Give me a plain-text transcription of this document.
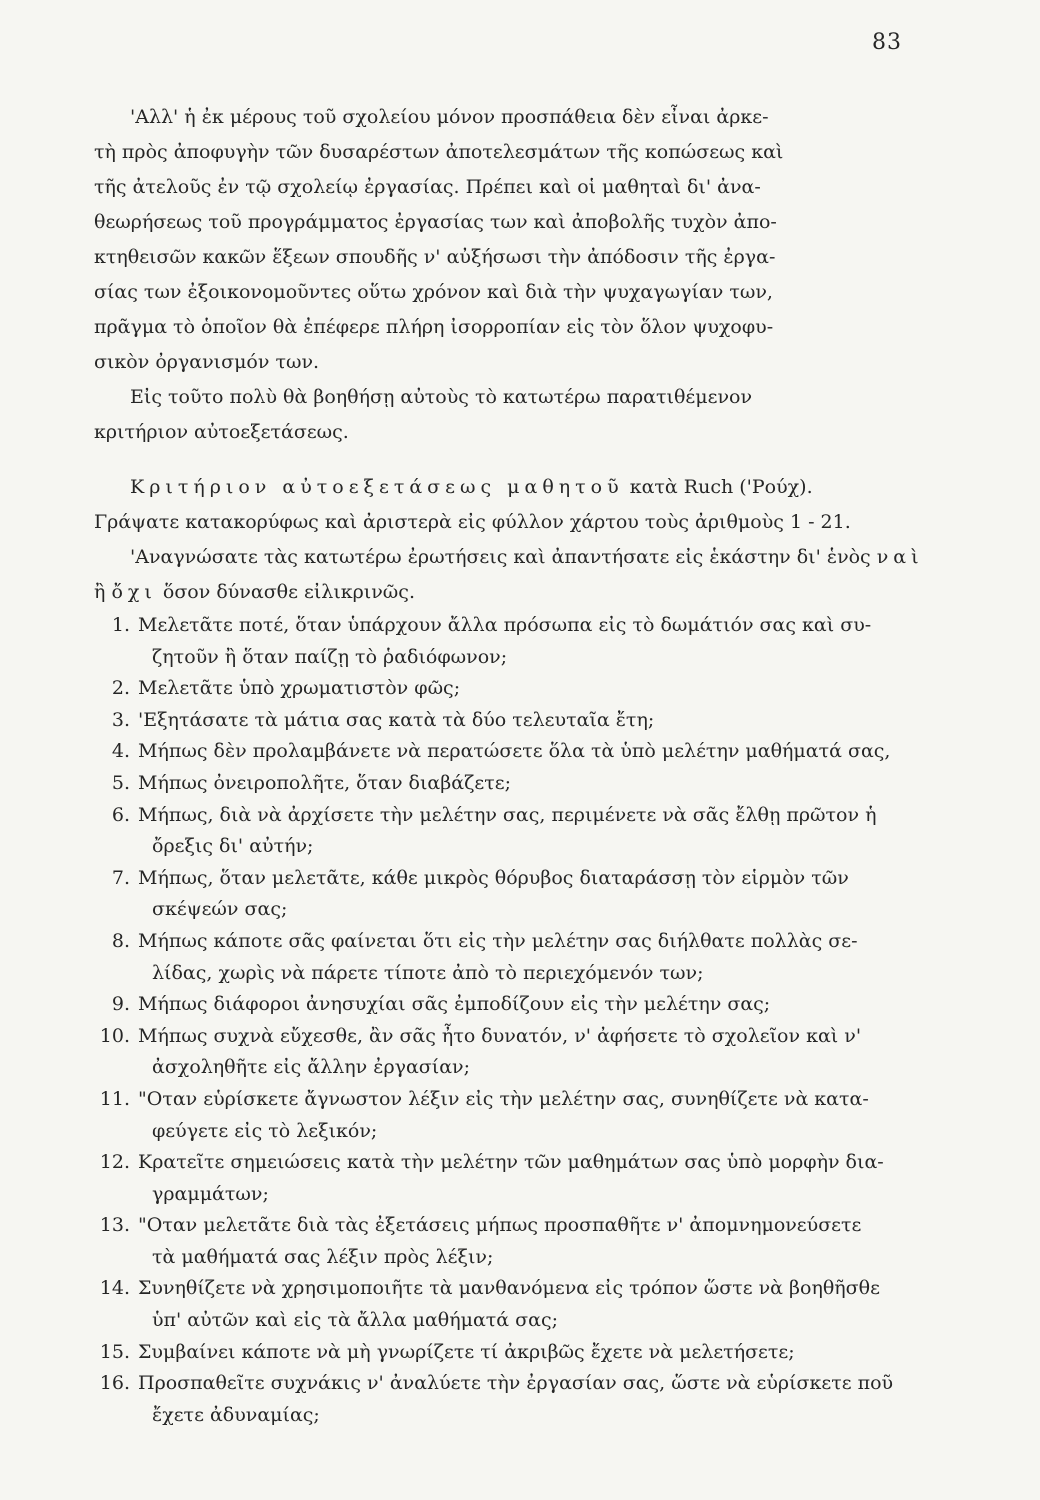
83
'Αλλ' ἡ ἐκ μέρους τοῦ σχολείου μόνον προσπάθεια δὲν εἶναι ἀρκε-
τὴ πρὸς ἀποφυγὴν τῶν δυσαρέστων ἀποτελεσμάτων τῆς κοπώσεως καὶ
τῆς ἀτελοῦς ἐν τῷ σχολείῳ ἐργασίας. Πρέπει καὶ οἱ μαθηταὶ δι' ἀνα-
θεωρήσεως τοῦ προγράμματος ἐργασίας των καὶ ἀποβολῆς τυχὸν ἀπο-
κτηθεισῶν κακῶν ἕξεων σπουδῆς ν' αὐξήσωσι τὴν ἀπόδοσιν τῆς ἐργα-
σίας των ἐξοικονομοῦντες οὕτω χρόνον καὶ διὰ τὴν ψυχαγωγίαν των,
πρᾶγμα τὸ ὁποῖον θὰ ἐπέφερε πλήρη ἰσορροπίαν εἰς τὸν ὅλον ψυχοφυ-
σικὸν ὀργανισμόν των.
Εἰς τοῦτο πολὺ θὰ βοηθήσῃ αὐτοὺς τὸ κατωτέρω παρατιθέμενον
κριτήριον αὐτοεξετάσεως.
Κριτήριον αὐτοεξετάσεως μαθητοῦ κατὰ Ruch ('Ρούχ).
Γράψατε κατακορύφως καὶ ἀριστερὰ εἰς φύλλον χάρτου τοὺς ἀριθμοὺς 1 - 21.
'Αναγνώσατε τὰς κατωτέρω ἐρωτήσεις καὶ ἀπαντήσατε εἰς ἑκάστην δι' ἑνὸς ναὶ
ἢ ὄχι ὅσον δύνασθε εἰλικρινῶς.
1. Μελετᾶτε ποτέ, ὅταν ὑπάρχουν ἄλλα πρόσωπα εἰς τὸ δωμάτιόν σας καὶ συ-
ζητοῦν ἢ ὅταν παίζῃ τὸ ῥαδιόφωνον;
2. Μελετᾶτε ὑπὸ χρωματιστὸν φῶς;
3. 'Εξητάσατε τὰ μάτια σας κατὰ τὰ δύο τελευταῖα ἔτη;
4. Μήπως δὲν προλαμβάνετε νὰ περατώσετε ὅλα τὰ ὑπὸ μελέτην μαθήματά σας,
5. Μήπως ὀνειροπολῆτε, ὅταν διαβάζετε;
6. Μήπως, διὰ νὰ ἀρχίσετε τὴν μελέτην σας, περιμένετε νὰ σᾶς ἔλθῃ πρῶτον ἡ
ὄρεξις δι' αὐτήν;
7. Μήπως, ὅταν μελετᾶτε, κάθε μικρὸς θόρυβος διαταράσσῃ τὸν εἱρμὸν τῶν
σκέψεών σας;
8. Μήπως κάποτε σᾶς φαίνεται ὅτι εἰς τὴν μελέτην σας διήλθατε πολλὰς σε-
λίδας, χωρὶς νὰ πάρετε τίποτε ἀπὸ τὸ περιεχόμενόν των;
9. Μήπως διάφοροι ἀνησυχίαι σᾶς ἐμποδίζουν εἰς τὴν μελέτην σας;
10. Μήπως συχνὰ εὔχεσθε, ἂν σᾶς ἦτο δυνατόν, ν' ἀφήσετε τὸ σχολεῖον καὶ ν'
ἀσχοληθῆτε εἰς ἄλλην ἐργασίαν;
11. "Οταν εὑρίσκετε ἄγνωστον λέξιν εἰς τὴν μελέτην σας, συνηθίζετε νὰ κατα-
φεύγετε εἰς τὸ λεξικόν;
12. Κρατεῖτε σημειώσεις κατὰ τὴν μελέτην τῶν μαθημάτων σας ὑπὸ μορφὴν δια-
γραμμάτων;
13. "Οταν μελετᾶτε διὰ τὰς ἐξετάσεις μήπως προσπαθῆτε ν' ἀπομνημονεύσετε
τὰ μαθήματά σας λέξιν πρὸς λέξιν;
14. Συνηθίζετε νὰ χρησιμοποιῆτε τὰ μανθανόμενα εἰς τρόπον ὥστε νὰ βοηθῆσθε
ὑπ' αὐτῶν καὶ εἰς τὰ ἄλλα μαθήματά σας;
15. Συμβαίνει κάποτε νὰ μὴ γνωρίζετε τί ἀκριβῶς ἔχετε νὰ μελετήσετε;
16. Προσπαθεῖτε συχνάκις ν' ἀναλύετε τὴν ἐργασίαν σας, ὥστε νὰ εὑρίσκετε ποῦ
ἔχετε ἀδυναμίας;
